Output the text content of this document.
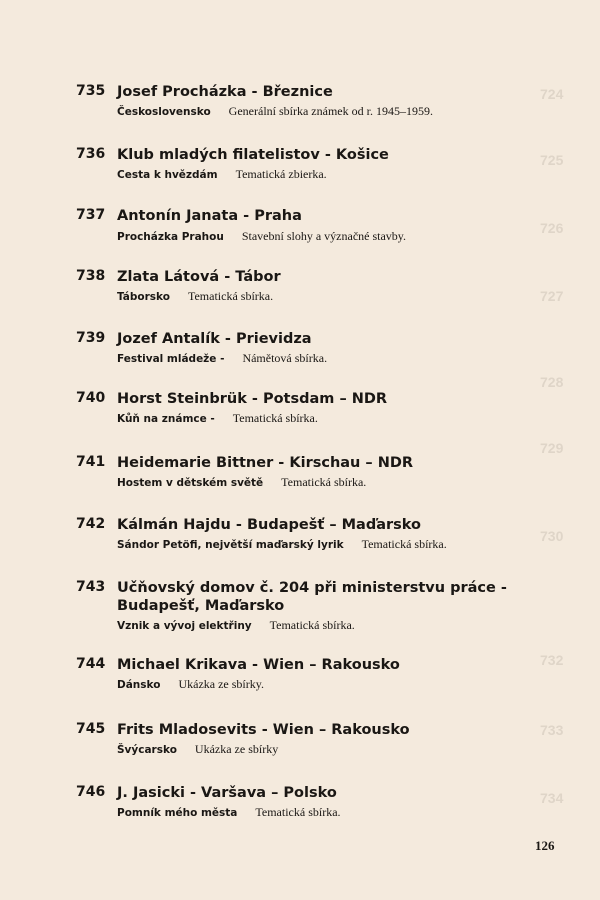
724
725
726
727
728
729
730
732
733
734
735 Josef Procházka - Březnice
Československo Generální sbírka známek od r. 1945–1959.
736 Klub mladých filatelistov - Košice
Cesta k hvězdám Tematická zbierka.
737 Antonín Janata - Praha
Procházka Prahou Stavební slohy a význačné stavby.
738 Zlata Látová - Tábor
Táborsko Tematická sbírka.
739 Jozef Antalík - Prievidza
Festival mládeže - Námětová sbírka.
740 Horst Steinbrük - Potsdam – NDR
Kůň na známce - Tematická sbírka.
741 Heidemarie Bittner - Kirschau – NDR
Hostem v dětském světě Tematická sbírka.
742 Kálmán Hajdu - Budapešť – Maďarsko
Sándor Petöfi, největší maďarský lyrik Tematická sbírka.
743 Učňovský domov č. 204 při ministerstvu práce - Budapešť, Maďarsko
Vznik a vývoj elektřiny Tematická sbírka.
744 Michael Krikava - Wien – Rakousko
Dánsko Ukázka ze sbírky.
745 Frits Mladosevits - Wien – Rakousko
Švýcarsko Ukázka ze sbírky
746 J. Jasicki - Varšava – Polsko
Pomník mého města Tematická sbírka.
126
